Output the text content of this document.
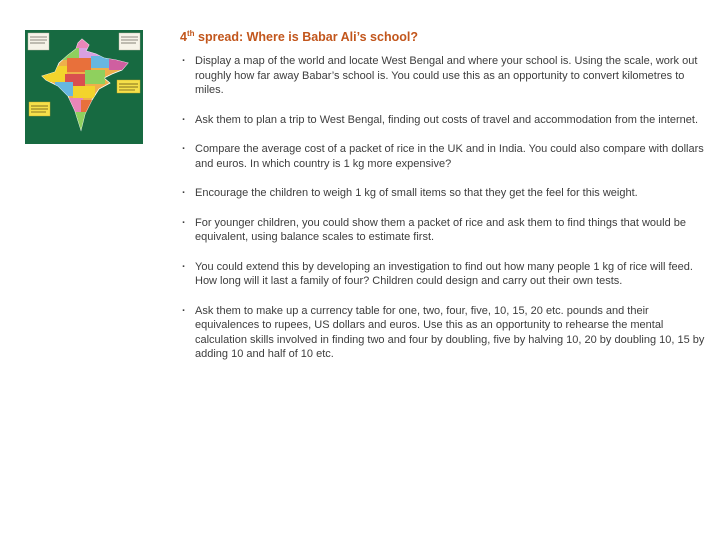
4th spread: Where is Babar Ali’s school?
· Display a map of the world and locate West Bengal and where your school is. Using the scale, work out roughly how far away Babar’s school is. You could use this as an opportunity to convert kilometres to miles.
· Ask them to plan a trip to West Bengal, finding out costs of travel and accommodation from the internet.
· Compare the average cost of a packet of rice in the UK and in India. You could also compare with dollars and euros. In which country is 1 kg more expensive?
· Encourage the children to weigh 1 kg of small items so that they get the feel for this weight.
· For younger children, you could show them a packet of rice and ask them to find things that would be equivalent, using balance scales to estimate first.
· You could extend this by developing an investigation to find out how many people 1 kg of rice will feed. How long will it last a family of four? Children could design and carry out their own tests.
· Ask them to make up a currency table for one, two, four, five, 10, 15, 20 etc. pounds and their equivalences to rupees, US dollars and euros. Use this as an opportunity to rehearse the mental calculation skills involved in finding two and four by doubling, five by halving 10, 20 by doubling 10, 15 by adding 10 and half of 10 etc.
